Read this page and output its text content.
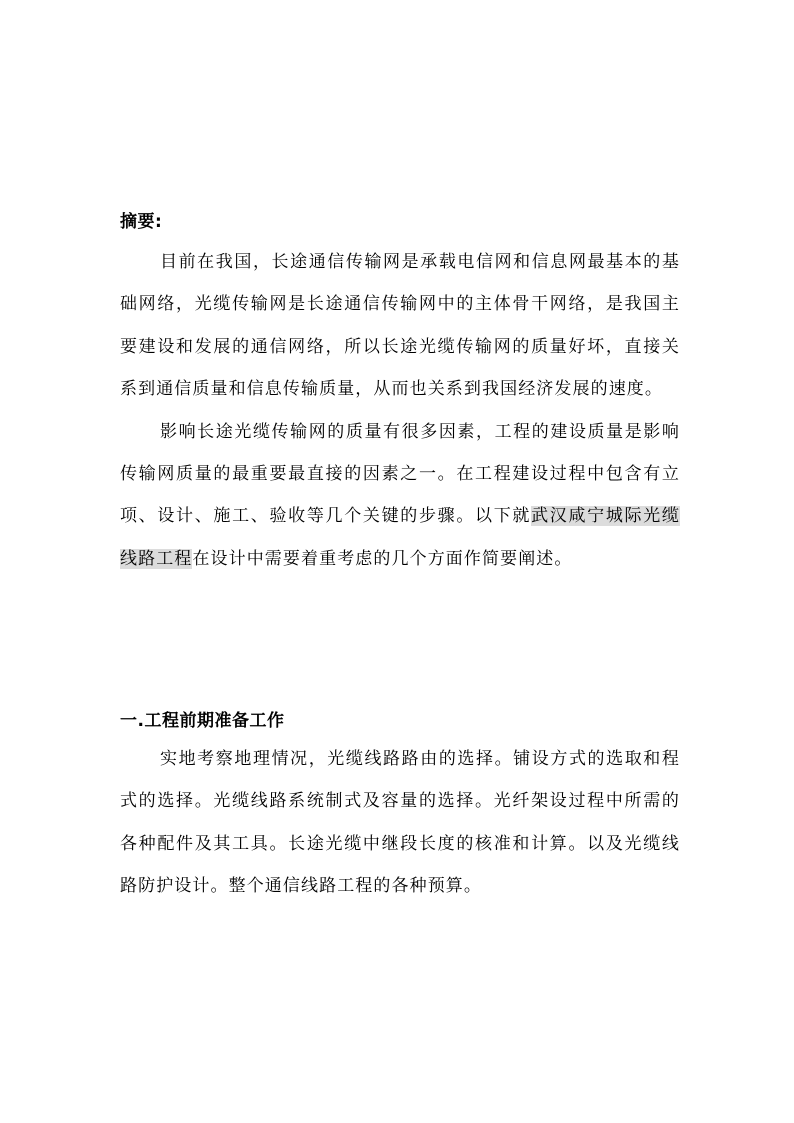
摘要:

目前在我国，长途通信传输网是承载电信网和信息网最基本的基础网络，光缆传输网是长途通信传输网中的主体骨干网络，是我国主要建设和发展的通信网络，所以长途光缆传输网的质量好坏，直接关系到通信质量和信息传输质量，从而也关系到我国经济发展的速度。

影响长途光缆传输网的质量有很多因素，工程的建设质量是影响传输网质量的最重要最直接的因素之一。在工程建设过程中包含有立项、设计、施工、验收等几个关键的步骤。以下就武汉咸宁城际光缆线路工程在设计中需要着重考虑的几个方面作简要阐述。

一.工程前期准备工作

实地考察地理情况，光缆线路路由的选择。铺设方式的选取和程式的选择。光缆线路系统制式及容量的选择。光纤架设过程中所需的各种配件及其工具。长途光缆中继段长度的核准和计算。以及光缆线路防护设计。整个通信线路工程的各种预算。
